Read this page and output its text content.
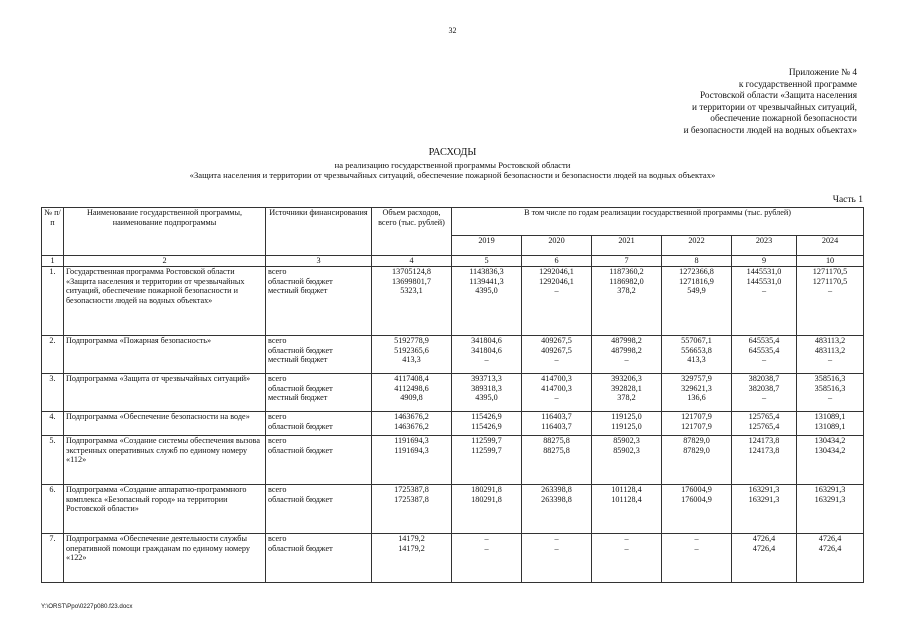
32
Приложение № 4
к государственной программе
Ростовской области «Защита населения
и территории от чрезвычайных ситуаций,
обеспечение пожарной безопасности
и безопасности людей на водных объектах»
РАСХОДЫ
на реализацию государственной программы Ростовской области
«Защита населения и территории от чрезвычайных ситуаций, обеспечение пожарной безопасности и безопасности людей на водных объектах»
Часть 1
№ п/п	Наименование государственной программы, наименование подпрограммы	Источники финансирования	Объем расходов, всего (тыс. рублей)	В том числе по годам реализации государственной программы (тыс. рублей)					
				2019	2020	2021	2022	2023	2024
1	2	3	4	5	6	7	8	9	10
1.	Государственная программа Ростовской области «Защита населения и территории от чрезвычайных ситуаций, обеспечение пожарной безопасности и безопасности людей на водных объектах»	всего
областной бюджет
местный бюджет	13705124,8
13699801,7
5323,1	1143836,3
1139441,3
4395,0	1292046,1
1292046,1
–	1187360,2
1186982,0
378,2	1272366,8
1271816,9
549,9	1445531,0
1445531,0
–	1271170,5
1271170,5
–

2.	Подпрограмма «Пожарная безопасность»	всего
областной бюджет
местный бюджет	5192778,9
5192365,6
413,3	341804,6
341804,6
–	409267,5
409267,5
–	487998,2
487998,2
–	557067,1
556653,8
413,3	645535,4
645535,4
–	483113,2
483113,2
–

3.	Подпрограмма «Защита от чрезвычайных ситуаций»	всего
областной бюджет
местный бюджет	4117408,4
4112498,6
4909,8	393713,3
389318,3
4395,0	414700,3
414700,3
–	393206,3
392828,1
378,2	329757,9
329621,3
136,6	382038,7
382038,7
–	358516,3
358516,3
–

4.	Подпрограмма «Обеспечение безопасности на воде»	всего
областной бюджет	1463676,2
1463676,2	115426,9
115426,9	116403,7
116403,7	119125,0
119125,0	121707,9
121707,9	125765,4
125765,4	131089,1
131089,1

5.	Подпрограмма «Создание системы обеспечения вызова экстренных оперативных служб по единому номеру «112»	всего
областной бюджет	1191694,3
1191694,3	112599,7
112599,7	88275,8
88275,8	85902,3
85902,3	87829,0
87829,0	124173,8
124173,8	130434,2
130434,2

6.	Подпрограмма «Создание аппаратно-программного комплекса «Безопасный город» на территории Ростовской области»	всего
областной бюджет	1725387,8
1725387,8	180291,8
180291,8	263398,8
263398,8	101128,4
101128,4	176004,9
176004,9	163291,3
163291,3	163291,3
163291,3

7.	Подпрограмма «Обеспечение деятельности службы оперативной помощи гражданам по единому номеру «122»	всего
областной бюджет	14179,2
14179,2	–
–	–
–	–
–	–
–	4726,4
4726,4	4726,4
4726,4
Y:\ORST\Ppo\0227p080.f23.docx
